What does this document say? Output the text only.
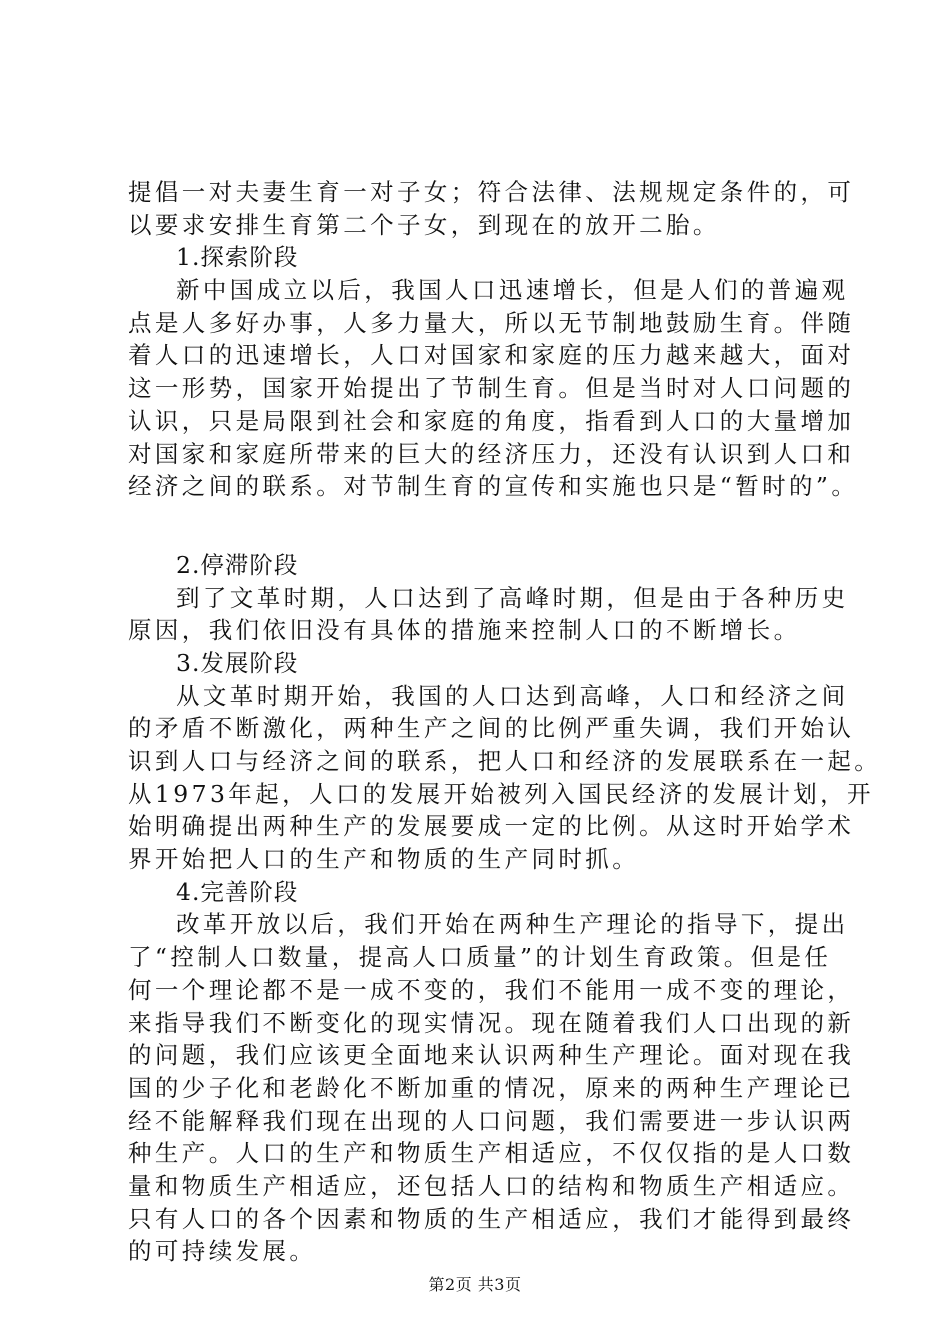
提倡一对夫妻生育一对子女；符合法律、法规规定条件的，可
以要求安排生育第二个子女，到现在的放开二胎。
1.探索阶段
新中国成立以后，我国人口迅速增长，但是人们的普遍观
点是人多好办事，人多力量大，所以无节制地鼓励生育。伴随
着人口的迅速增长，人口对国家和家庭的压力越来越大，面对
这一形势，国家开始提出了节制生育。但是当时对人口问题的
认识，只是局限到社会和家庭的角度，指看到人口的大量增加
对国家和家庭所带来的巨大的经济压力，还没有认识到人口和
经济之间的联系。对节制生育的宣传和实施也只是“暂时的”。
2.停滞阶段
到了文革时期，人口达到了高峰时期，但是由于各种历史
原因，我们依旧没有具体的措施来控制人口的不断增长。
3.发展阶段
从文革时期开始，我国的人口达到高峰，人口和经济之间
的矛盾不断激化，两种生产之间的比例严重失调，我们开始认
识到人口与经济之间的联系，把人口和经济的发展联系在一起。
从1973年起，人口的发展开始被列入国民经济的发展计划，开
始明确提出两种生产的发展要成一定的比例。从这时开始学术
界开始把人口的生产和物质的生产同时抓。
4.完善阶段
改革开放以后，我们开始在两种生产理论的指导下，提出
了“控制人口数量，提高人口质量”的计划生育政策。但是任
何一个理论都不是一成不变的，我们不能用一成不变的理论，
来指导我们不断变化的现实情况。现在随着我们人口出现的新
的问题，我们应该更全面地来认识两种生产理论。面对现在我
国的少子化和老龄化不断加重的情况，原来的两种生产理论已
经不能解释我们现在出现的人口问题，我们需要进一步认识两
种生产。人口的生产和物质生产相适应，不仅仅指的是人口数
量和物质生产相适应，还包括人口的结构和物质生产相适应。
只有人口的各个因素和物质的生产相适应，我们才能得到最终
的可持续发展。
第2页 共3页
